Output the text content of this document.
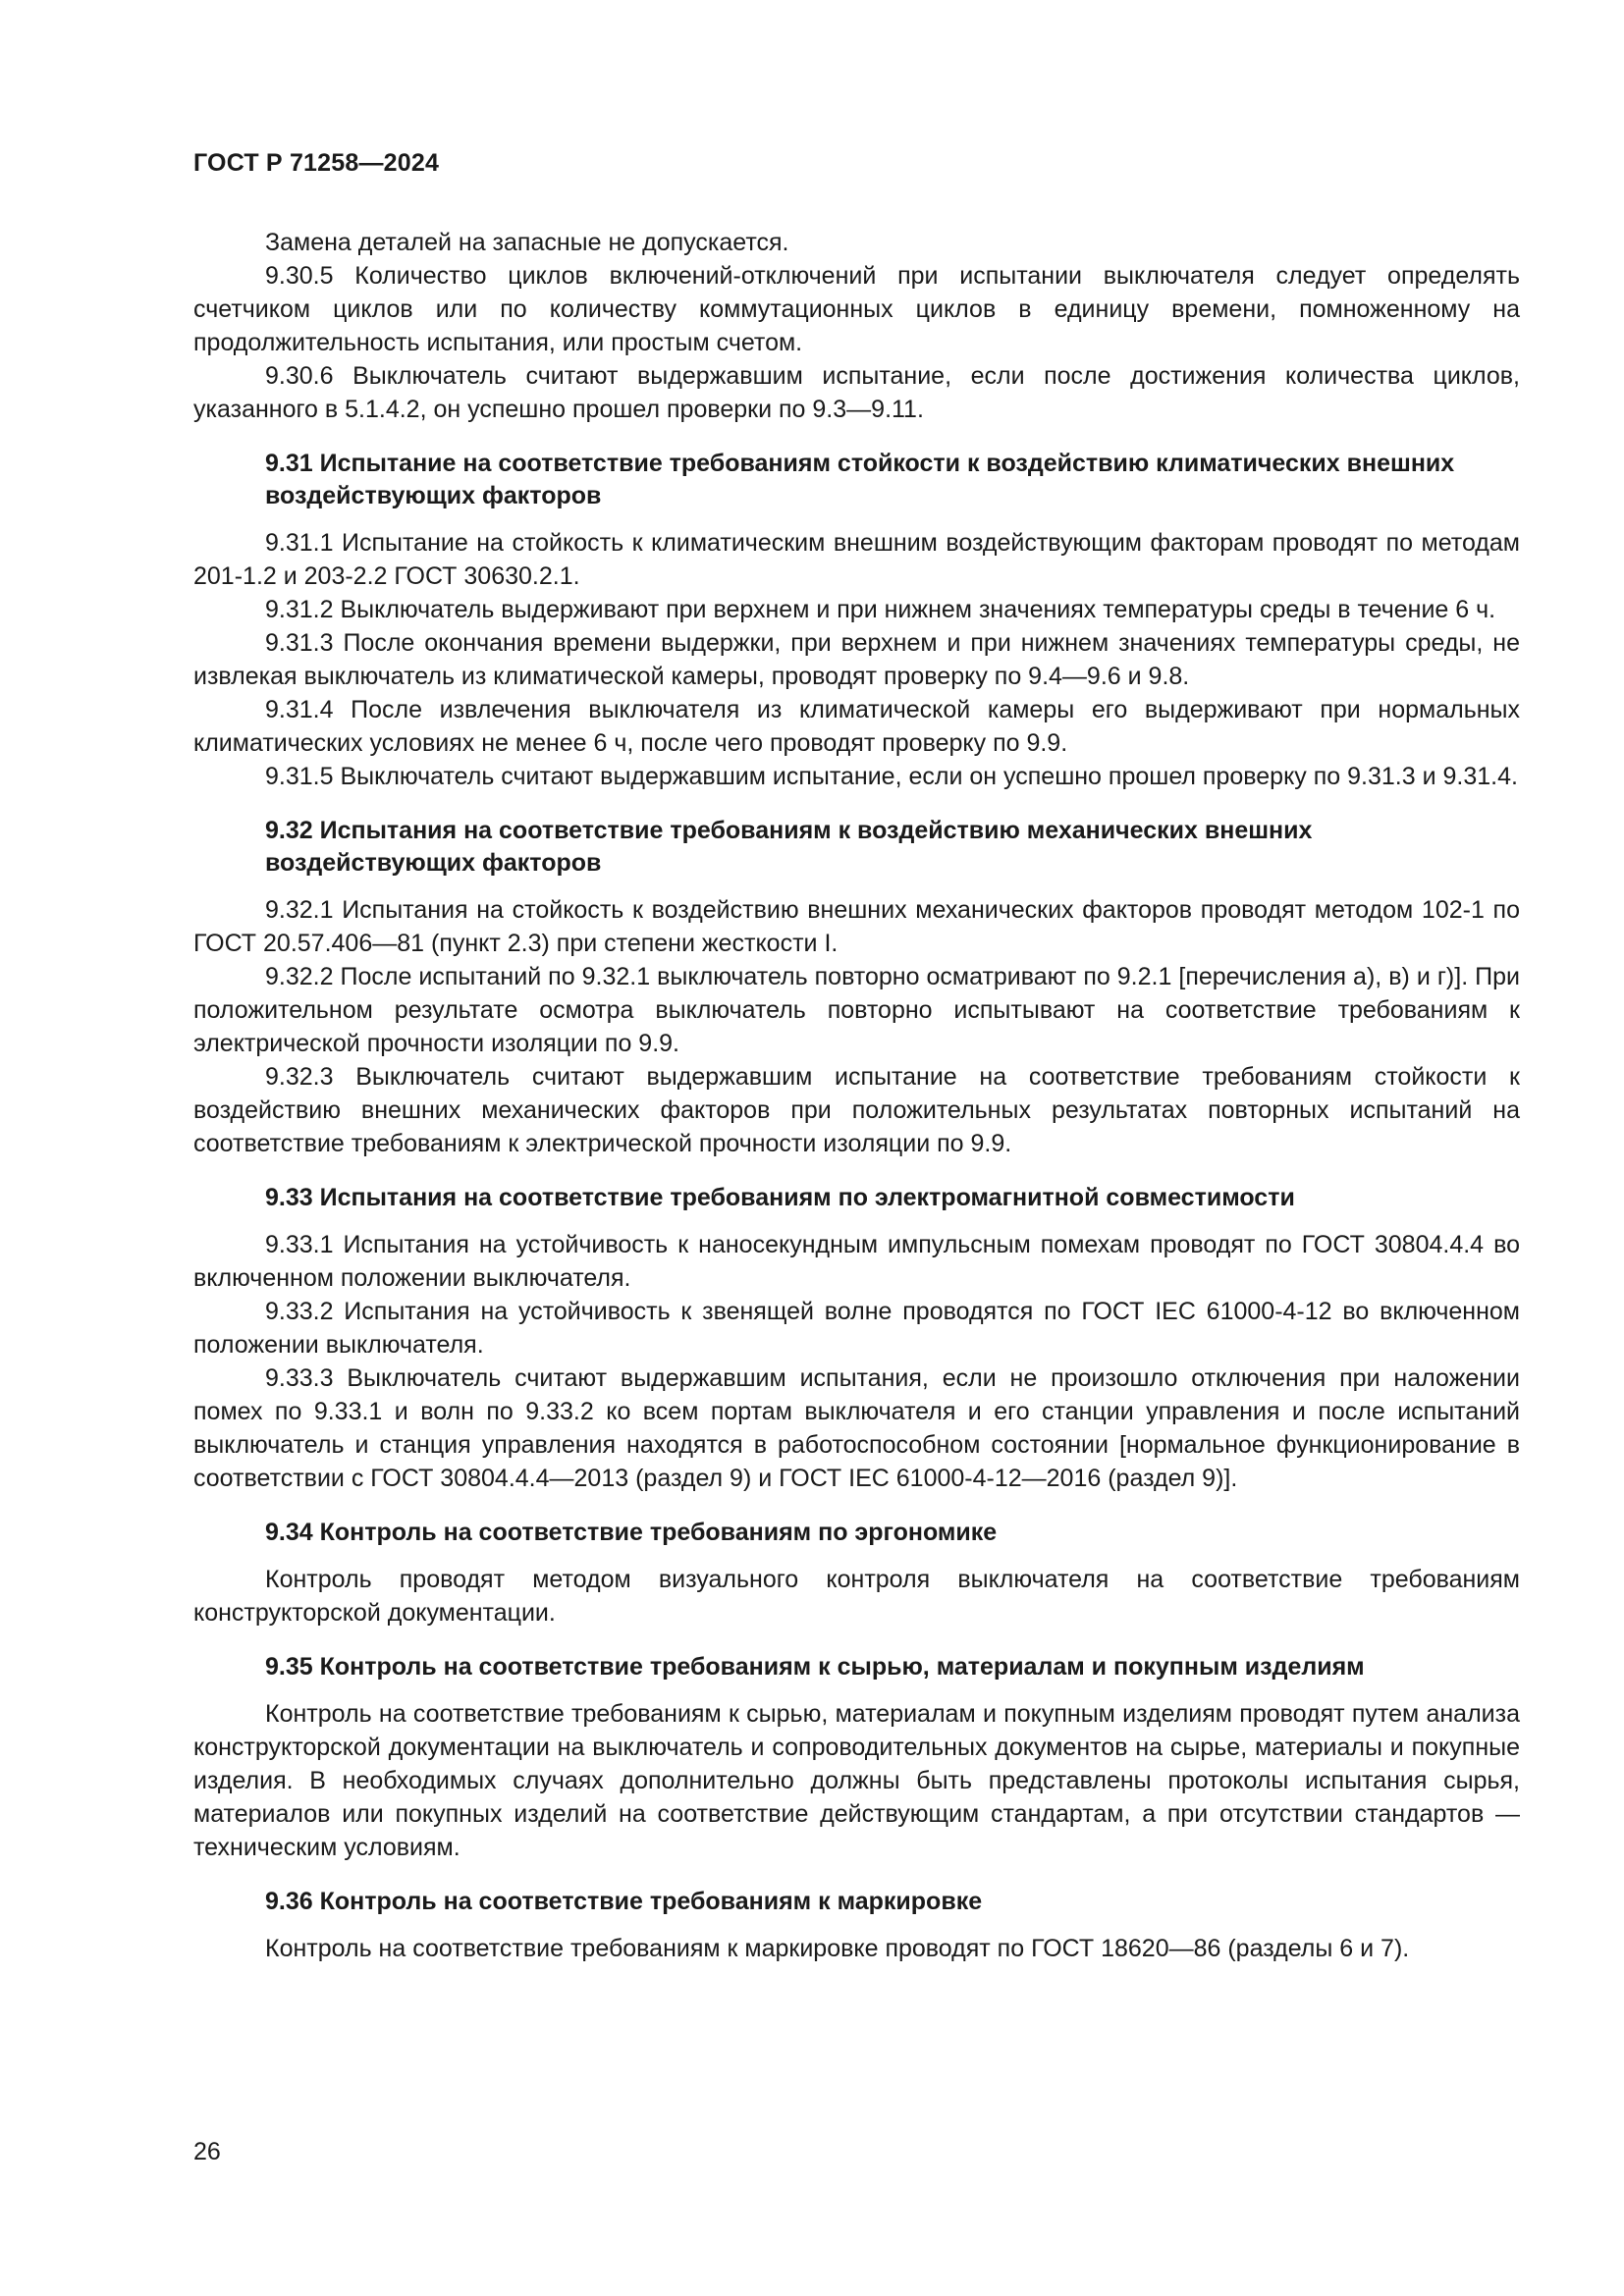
ГОСТ Р 71258—2024

Замена деталей на запасные не допускается.

9.30.5 Количество циклов включений-отключений при испытании выключателя следует определять счетчиком циклов или по количеству коммутационных циклов в единицу времени, помноженному на продолжительность испытания, или простым счетом.

9.30.6 Выключатель считают выдержавшим испытание, если после достижения количества циклов, указанного в 5.1.4.2, он успешно прошел проверки по 9.3—9.11.

9.31 Испытание на соответствие требованиям стойкости к воздействию климатических внешних воздействующих факторов

9.31.1 Испытание на стойкость к климатическим внешним воздействующим факторам проводят по методам 201-1.2 и 203-2.2 ГОСТ 30630.2.1.

9.31.2 Выключатель выдерживают при верхнем и при нижнем значениях температуры среды в течение 6 ч.

9.31.3 После окончания времени выдержки, при верхнем и при нижнем значениях температуры среды, не извлекая выключатель из климатической камеры, проводят проверку по 9.4—9.6 и 9.8.

9.31.4 После извлечения выключателя из климатической камеры его выдерживают при нормальных климатических условиях не менее 6 ч, после чего проводят проверку по 9.9.

9.31.5 Выключатель считают выдержавшим испытание, если он успешно прошел проверку по 9.31.3 и 9.31.4.

9.32 Испытания на соответствие требованиям к воздействию механических внешних воздействующих факторов

9.32.1 Испытания на стойкость к воздействию внешних механических факторов проводят методом 102-1 по ГОСТ 20.57.406—81 (пункт 2.3) при степени жесткости I.

9.32.2 После испытаний по 9.32.1 выключатель повторно осматривают по 9.2.1 [перечисления а), в) и г)]. При положительном результате осмотра выключатель повторно испытывают на соответствие требованиям к электрической прочности изоляции по 9.9.

9.32.3 Выключатель считают выдержавшим испытание на соответствие требованиям стойкости к воздействию внешних механических факторов при положительных результатах повторных испытаний на соответствие требованиям к электрической прочности изоляции по 9.9.

9.33 Испытания на соответствие требованиям по электромагнитной совместимости

9.33.1 Испытания на устойчивость к наносекундным импульсным помехам проводят по ГОСТ 30804.4.4 во включенном положении выключателя.

9.33.2 Испытания на устойчивость к звенящей волне проводятся по ГОСТ IEC 61000-4-12 во включенном положении выключателя.

9.33.3 Выключатель считают выдержавшим испытания, если не произошло отключения при наложении помех по 9.33.1 и волн по 9.33.2 ко всем портам выключателя и его станции управления и после испытаний выключатель и станция управления находятся в работоспособном состоянии [нормальное функционирование в соответствии с ГОСТ 30804.4.4—2013 (раздел 9) и ГОСТ IEC 61000-4-12—2016 (раздел 9)].

9.34 Контроль на соответствие требованиям по эргономике

Контроль проводят методом визуального контроля выключателя на соответствие требованиям конструкторской документации.

9.35 Контроль на соответствие требованиям к сырью, материалам и покупным изделиям

Контроль на соответствие требованиям к сырью, материалам и покупным изделиям проводят путем анализа конструкторской документации на выключатель и сопроводительных документов на сырье, материалы и покупные изделия. В необходимых случаях дополнительно должны быть представлены протоколы испытания сырья, материалов или покупных изделий на соответствие действующим стандартам, а при отсутствии стандартов — техническим условиям.

9.36 Контроль на соответствие требованиям к маркировке

Контроль на соответствие требованиям к маркировке проводят по ГОСТ 18620—86 (разделы 6 и 7).

26
